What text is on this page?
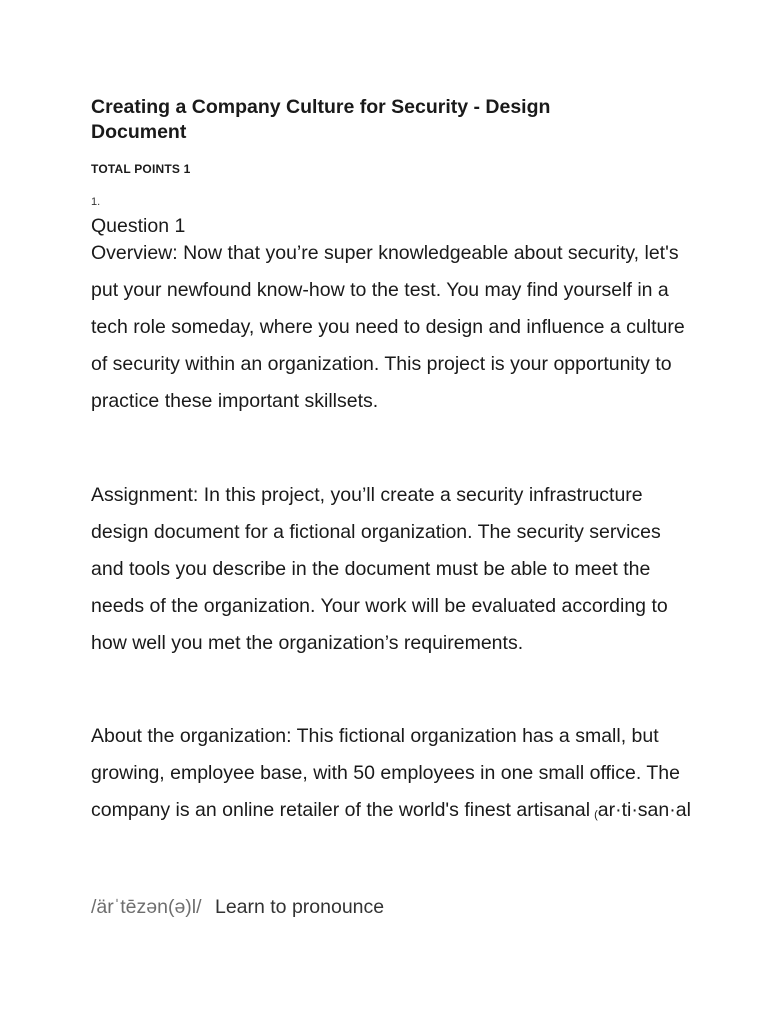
Creating a Company Culture for Security - Design Document
TOTAL POINTS 1
1.
Question 1

Overview: Now that you’re super knowledgeable about security, let's put your newfound know-how to the test. You may find yourself in a tech role someday, where you need to design and influence a culture of security within an organization. This project is your opportunity to practice these important skillsets.

Assignment: In this project, you’ll create a security infrastructure design document for a fictional organization. The security services and tools you describe in the document must be able to meet the needs of the organization. Your work will be evaluated according to how well you met the organization’s requirements.

About the organization: This fictional organization has a small, but growing, employee base, with 50 employees in one small office. The company is an online retailer of the world's finest artisanal (ar·ti·san·al

/ärˈtēzən(ə)l/ Learn to pronounce
